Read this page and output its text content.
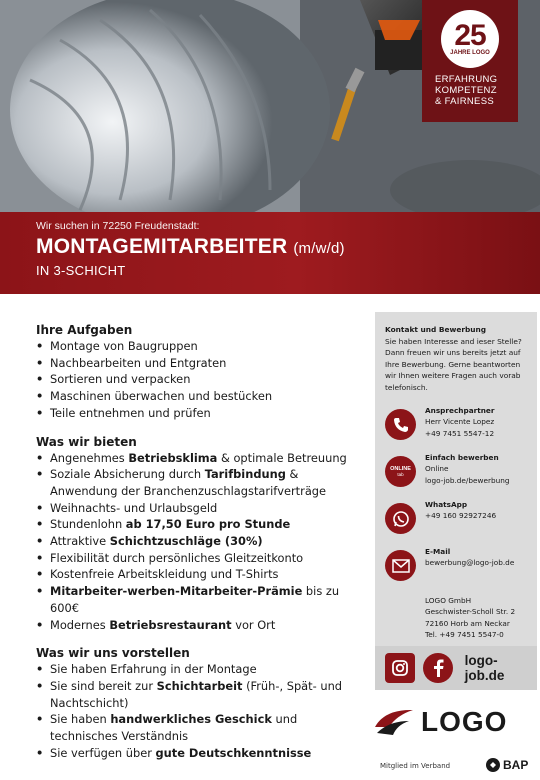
25
JAHRE LOGO
ERFAHRUNG
KOMPETENZ
& FAIRNESS
Wir suchen in 72250 Freudenstadt:
MONTAGEMITARBEITER (m/w/d)
IN 3-SCHICHT
Ihre Aufgaben
• Montage von Baugruppen
• Nachbearbeiten und Entgraten
• Sortieren und verpacken
• Maschinen überwachen und bestücken
• Teile entnehmen und prüfen
Was wir bieten
• Angenehmes Betriebsklima & optimale Betreuung
• Soziale Absicherung durch Tarifbindung & Anwendung der Branchenzuschlagstarifverträge
• Weihnachts- und Urlaubsgeld
• Stundenlohn ab 17,50 Euro pro Stunde
• Attraktive Schichtzuschläge (30%)
• Flexibilität durch persönliches Gleitzeitkonto
• Kostenfreie Arbeitskleidung und T-Shirts
• Mitarbeiter-werben-Mitarbeiter-Prämie bis zu 600€
• Modernes Betriebsrestaurant vor Ort
Was wir uns vorstellen
• Sie haben Erfahrung in der Montage
• Sie sind bereit zur Schichtarbeit (Früh-, Spät- und Nachtschicht)
• Sie haben handwerkliches Geschick und technisches Verständnis
• Sie verfügen über gute Deutschkenntnisse
Kontakt und Bewerbung
Sie haben Interesse and ieser Stelle? Dann freuen wir uns bereits jetzt auf Ihre Bewerbung. Gerne beantworten wir Ihnen weitere Fragen auch vorab telefonisch.
Ansprechpartner
Herr Vicente Lopez
+49 7451 5547-12
ONLINE
tab
Einfach bewerben
Online
logo-job.de/bewerbung
WhatsApp
+49 160 92927246
E-Mail
bewerbung@logo-job.de
LOGO GmbH
Geschwister-Scholl Str. 2
72160 Horb am Neckar
Tel. +49 7451 5547-0
logo-job.de
LOGO
Mitglied im Verband	BAP
